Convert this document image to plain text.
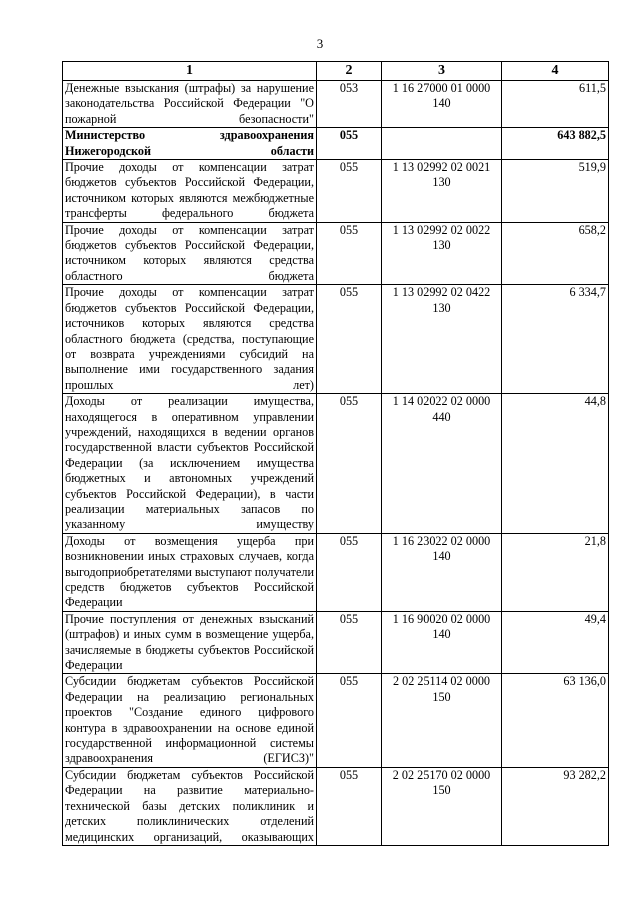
3
1	2	3	4
Денежные взыскания (штрафы) за нарушение законодательства Российской Федерации "О пожарной безопасности"	053	1 16 27000 01 0000 140	611,5
Министерство здравоохранения Нижегородской области	055		643 882,5
Прочие доходы от компенсации затрат бюджетов субъектов Российской Федерации, источником которых являются межбюджетные трансферты федерального бюджета	055	1 13 02992 02 0021 130	519,9
Прочие доходы от компенсации затрат бюджетов субъектов Российской Федерации, источником которых являются средства областного бюджета	055	1 13 02992 02 0022 130	658,2
Прочие доходы от компенсации затрат бюджетов субъектов Российской Федерации, источников которых являются средства областного бюджета (средства, поступающие от возврата учреждениями субсидий на выполнение ими государственного задания прошлых лет)	055	1 13 02992 02 0422 130	6 334,7
Доходы от реализации имущества, находящегося в оперативном управлении учреждений, находящихся в ведении органов государственной власти субъектов Российской Федерации (за исключением имущества бюджетных и автономных учреждений субъектов Российской Федерации), в части реализации материальных запасов по указанному имуществу	055	1 14 02022 02 0000 440	44,8
Доходы от возмещения ущерба при возникновении иных страховых случаев, когда выгодоприобретателями выступают получатели средств бюджетов субъектов Российской Федерации	055	1 16 23022 02 0000 140	21,8
Прочие поступления от денежных взысканий (штрафов) и иных сумм в возмещение ущерба, зачисляемые в бюджеты субъектов Российской Федерации	055	1 16 90020 02 0000 140	49,4
Субсидии бюджетам субъектов Российской Федерации на реализацию региональных проектов "Создание единого цифрового контура в здравоохранении на основе единой государственной информационной системы здравоохранения (ЕГИСЗ)"	055	2 02 25114 02 0000 150	63 136,0
Субсидии бюджетам субъектов Российской Федерации на развитие материально-технической базы детских поликлиник и детских поликлинических отделений медицинских организаций, оказывающих	055	2 02 25170 02 0000 150	93 282,2
